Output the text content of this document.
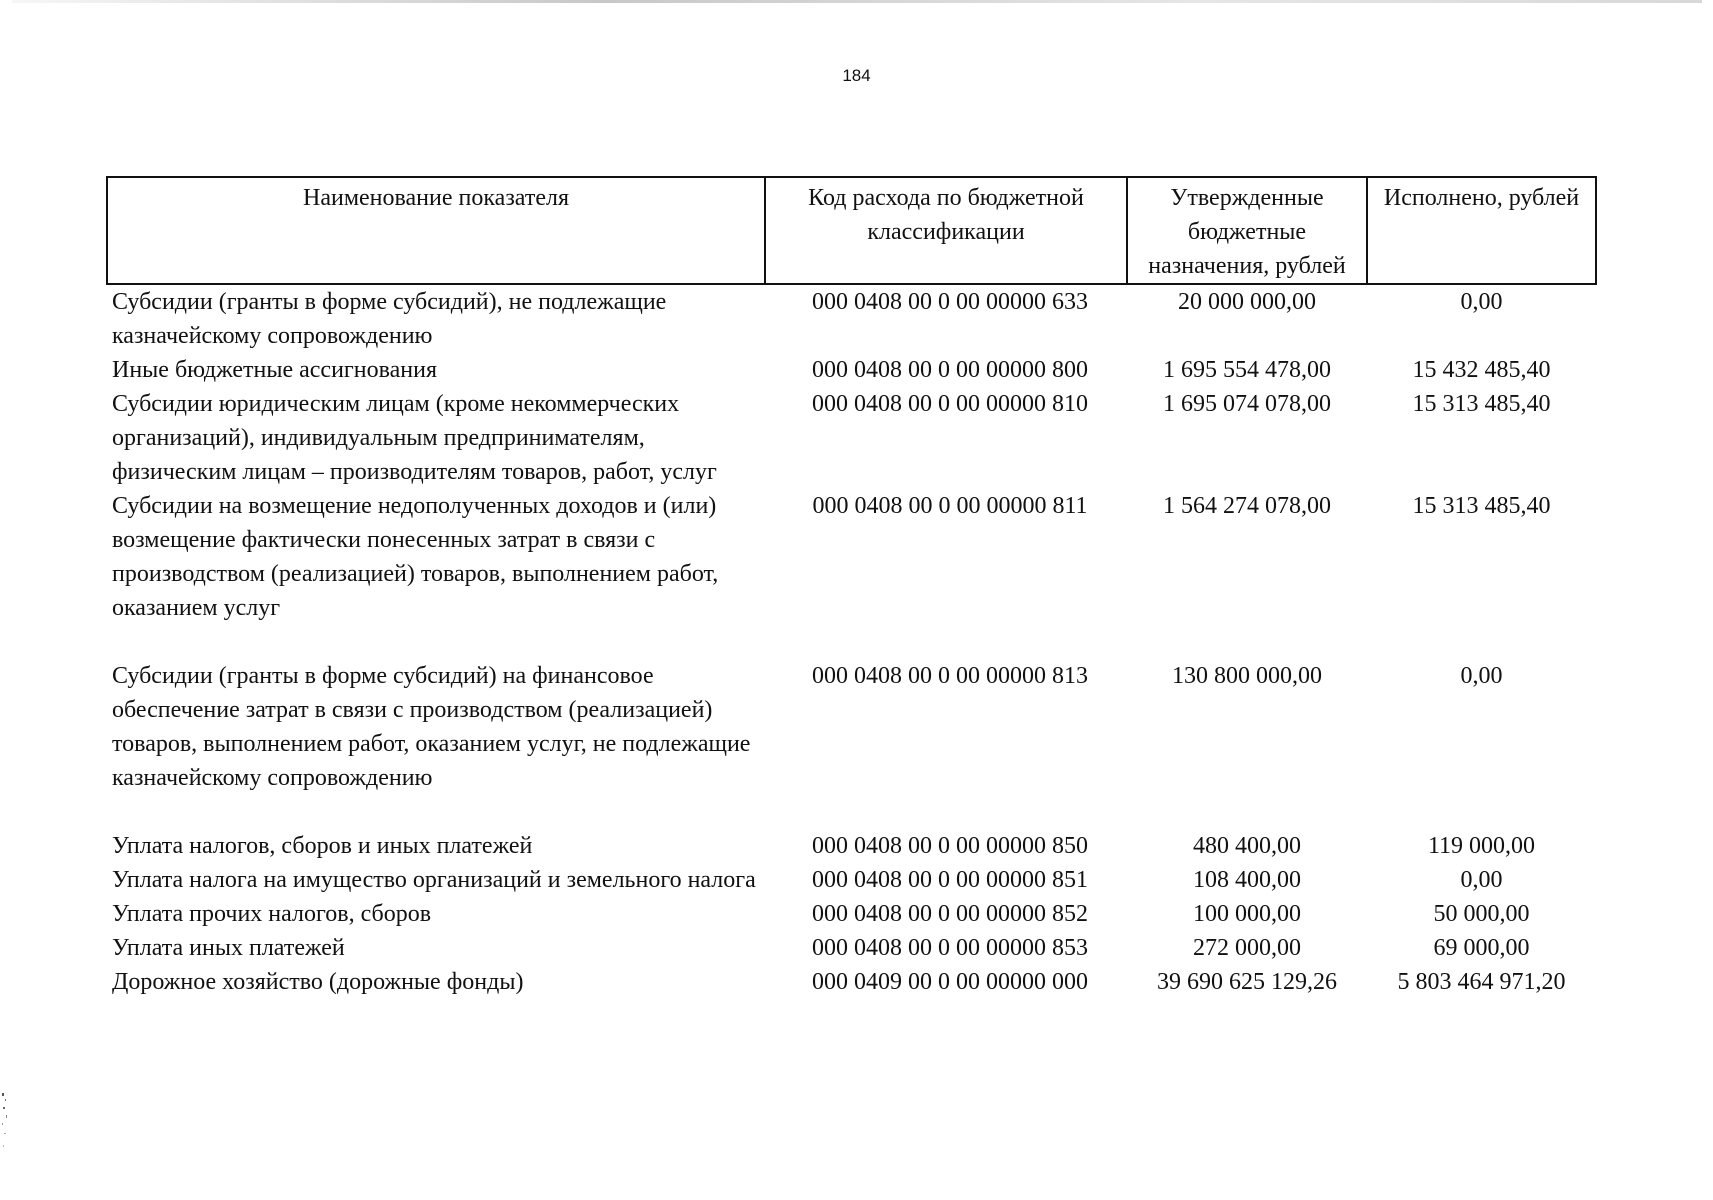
184
Наименование показателя	Код расхода по бюджетной классификации	Утвержденные бюджетные назначения, рублей	Исполнено, рублей
Субсидии (гранты в форме субсидий), не подлежащие казначейскому сопровождению	000 0408 00 0 00 00000 633	20 000 000,00	0,00
Иные бюджетные ассигнования	000 0408 00 0 00 00000 800	1 695 554 478,00	15 432 485,40
Субсидии юридическим лицам (кроме некоммерческих организаций), индивидуальным предпринимателям, физическим лицам – производителям товаров, работ, услуг	000 0408 00 0 00 00000 810	1 695 074 078,00	15 313 485,40
Субсидии на возмещение недополученных доходов и (или) возмещение фактически понесенных затрат в связи с производством (реализацией) товаров, выполнением работ, оказанием услуг	000 0408 00 0 00 00000 811	1 564 274 078,00	15 313 485,40
Субсидии (гранты в форме субсидий) на финансовое обеспечение затрат в связи с производством (реализацией) товаров, выполнением работ, оказанием услуг, не подлежащие казначейскому сопровождению	000 0408 00 0 00 00000 813	130 800 000,00	0,00
Уплата налогов, сборов и иных платежей	000 0408 00 0 00 00000 850	480 400,00	119 000,00
Уплата налога на имущество организаций и земельного налога	000 0408 00 0 00 00000 851	108 400,00	0,00
Уплата прочих налогов, сборов	000 0408 00 0 00 00000 852	100 000,00	50 000,00
Уплата иных платежей	000 0408 00 0 00 00000 853	272 000,00	69 000,00
Дорожное хозяйство (дорожные фонды)	000 0409 00 0 00 00000 000	39 690 625 129,26	5 803 464 971,20
